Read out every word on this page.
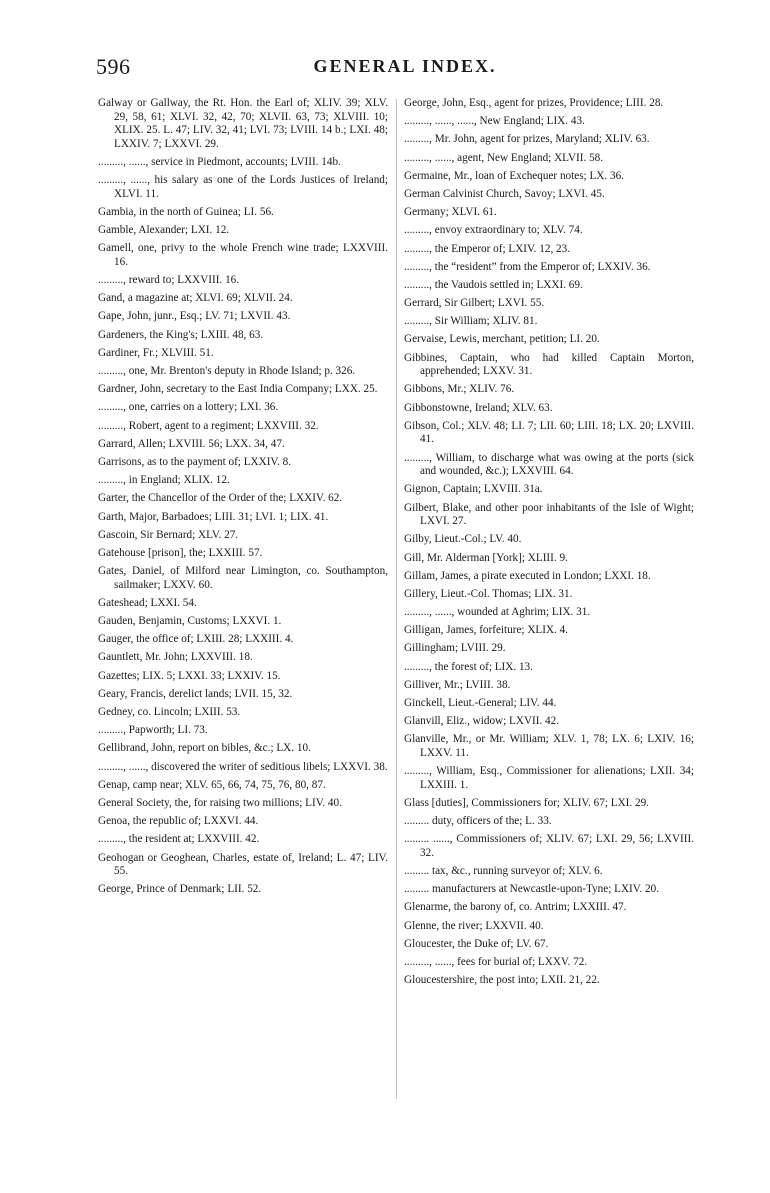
596	GENERAL INDEX.

Galway or Gallway, the Rt. Hon. the Earl of; XLIV. 39; XLV. 29, 58, 61; XLVI. 32, 42, 70; XLVII. 63, 73; XLVIII. 10; XLIX. 25. L. 47; LIV. 32, 41; LVI. 73; LVIII. 14 b.; LXI. 48; LXXIV. 7; LXXVI. 29.

........., ......, service in Piedmont, accounts; LVIII. 14b.

........., ......, his salary as one of the Lords Justices of Ireland; XLVI. 11.

Gambia, in the north of Guinea; LI. 56.

Gamble, Alexander; LXI. 12.

Gamell, one, privy to the whole French wine trade; LXXVIII. 16.

........., reward to; LXXVIII. 16.

Gand, a magazine at; XLVI. 69; XLVII. 24.

Gape, John, junr., Esq.; LV. 71; LXVII. 43.

Gardeners, the King's; LXIII. 48, 63.

Gardiner, Fr.; XLVIII. 51.

........., one, Mr. Brenton's deputy in Rhode Island; p. 326.

Gardner, John, secretary to the East India Company; LXX. 25.

........., one, carries on a lottery; LXI. 36.

........., Robert, agent to a regiment; LXXVIII. 32.

Garrard, Allen; LXVIII. 56; LXX. 34, 47.

Garrisons, as to the payment of; LXXIV. 8.

........., in England; XLIX. 12.

Garter, the Chancellor of the Order of the; LXXIV. 62.

Garth, Major, Barbadoes; LIII. 31; LVI. 1; LIX. 41.

Gascoin, Sir Bernard; XLV. 27.

Gatehouse [prison], the; LXXIII. 57.

Gates, Daniel, of Milford near Limington, co. Southampton, sailmaker; LXXV. 60.

Gateshead; LXXI. 54.

Gauden, Benjamin, Customs; LXXVI. 1.

Gauger, the office of; LXIII. 28; LXXIII. 4.

Gauntlett, Mr. John; LXXVIII. 18.

Gazettes; LIX. 5; LXXI. 33; LXXIV. 15.

Geary, Francis, derelict lands; LVII. 15, 32.

Gedney, co. Lincoln; LXIII. 53.

........., Papworth; LI. 73.

Gellibrand, John, report on bibles, &c.; LX. 10.

........., ......, discovered the writer of seditious libels; LXXVI. 38.

Genap, camp near; XLV. 65, 66, 74, 75, 76, 80, 87.

General Society, the, for raising two millions; LIV. 40.

Genoa, the republic of; LXXVI. 44.

........., the resident at; LXXVIII. 42.

Geohogan or Geoghean, Charles, estate of, Ireland; L. 47; LIV. 55.

George, Prince of Denmark; LII. 52.

George, John, Esq., agent for prizes, Providence; LIII. 28.

........., ......, ......, New England; LIX. 43.

........., Mr. John, agent for prizes, Maryland; XLIV. 63.

........., ......, agent, New England; XLVII. 58.

Germaine, Mr., loan of Exchequer notes; LX. 36.

German Calvinist Church, Savoy; LXVI. 45.

Germany; XLVI. 61.

........., envoy extraordinary to; XLV. 74.

........., the Emperor of; LXIV. 12, 23.

........., the “resident” from the Emperor of; LXXIV. 36.

........., the Vaudois settled in; LXXI. 69.

Gerrard, Sir Gilbert; LXVI. 55.

........., Sir William; XLIV. 81.

Gervaise, Lewis, merchant, petition; LI. 20.

Gibbines, Captain, who had killed Captain Morton, apprehended; LXXV. 31.

Gibbons, Mr.; XLIV. 76.

Gibbonstowne, Ireland; XLV. 63.

Gibson, Col.; XLV. 48; LI. 7; LII. 60; LIII. 18; LX. 20; LXVIII. 41.

........., William, to discharge what was owing at the ports (sick and wounded, &c.); LXXVIII. 64.

Gignon, Captain; LXVIII. 31a.

Gilbert, Blake, and other poor inhabitants of the Isle of Wight; LXVI. 27.

Gilby, Lieut.-Col.; LV. 40.

Gill, Mr. Alderman [York]; XLIII. 9.

Gillam, James, a pirate executed in London; LXXI. 18.

Gillery, Lieut.-Col. Thomas; LIX. 31.

........., ......, wounded at Aghrim; LIX. 31.

Gilligan, James, forfeiture; XLIX. 4.

Gillingham; LVIII. 29.

........., the forest of; LIX. 13.

Gilliver, Mr.; LVIII. 38.

Ginckell, Lieut.-General; LIV. 44.

Glanvill, Eliz., widow; LXVII. 42.

Glanville, Mr., or Mr. William; XLV. 1, 78; LX. 6; LXIV. 16; LXXV. 11.

........., William, Esq., Commissioner for alienations; LXII. 34; LXXIII. 1.

Glass [duties], Commissioners for; XLIV. 67; LXI. 29.

......... duty, officers of the; L. 33.

......... ......, Commissioners of; XLIV. 67; LXI. 29, 56; LXVIII. 32.

......... tax, &c., running surveyor of; XLV. 6.

......... manufacturers at Newcastle-upon-Tyne; LXIV. 20.

Glenarme, the barony of, co. Antrim; LXXIII. 47.

Glenne, the river; LXXVII. 40.

Gloucester, the Duke of; LV. 67.

........., ......, fees for burial of; LXXV. 72.

Gloucestershire, the post into; LXII. 21, 22.
